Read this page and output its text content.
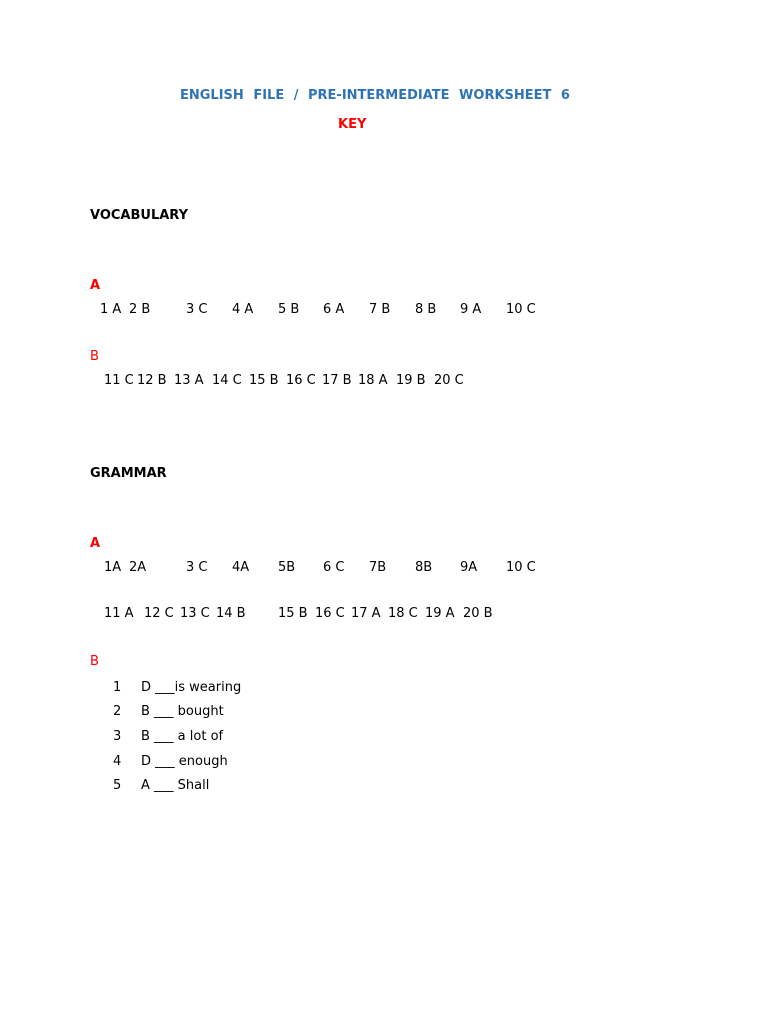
ENGLISH FILE / PRE-INTERMEDIATE WORKSHEET 6
KEY
VOCABULARY
A
1 A 2 B	3 C 4 A 5 B 6 A 7 B 8 B 9 A 10 C
B
11 C 12 B 13 A 14 C 15 B 16 C 17 B 18 A 19 B 20 C
GRAMMAR
A
1A 2A	3 C 4A 5B 6 C 7B 8B 9A 10 C
11 A 12 C 13 C 14 B 15 B 16 C 17 A 18 C 19 A 20 B
B
1 D ___is wearing
2 B ___ bought
3 B ___ a lot of
4 D ___ enough
5 A ___ Shall
